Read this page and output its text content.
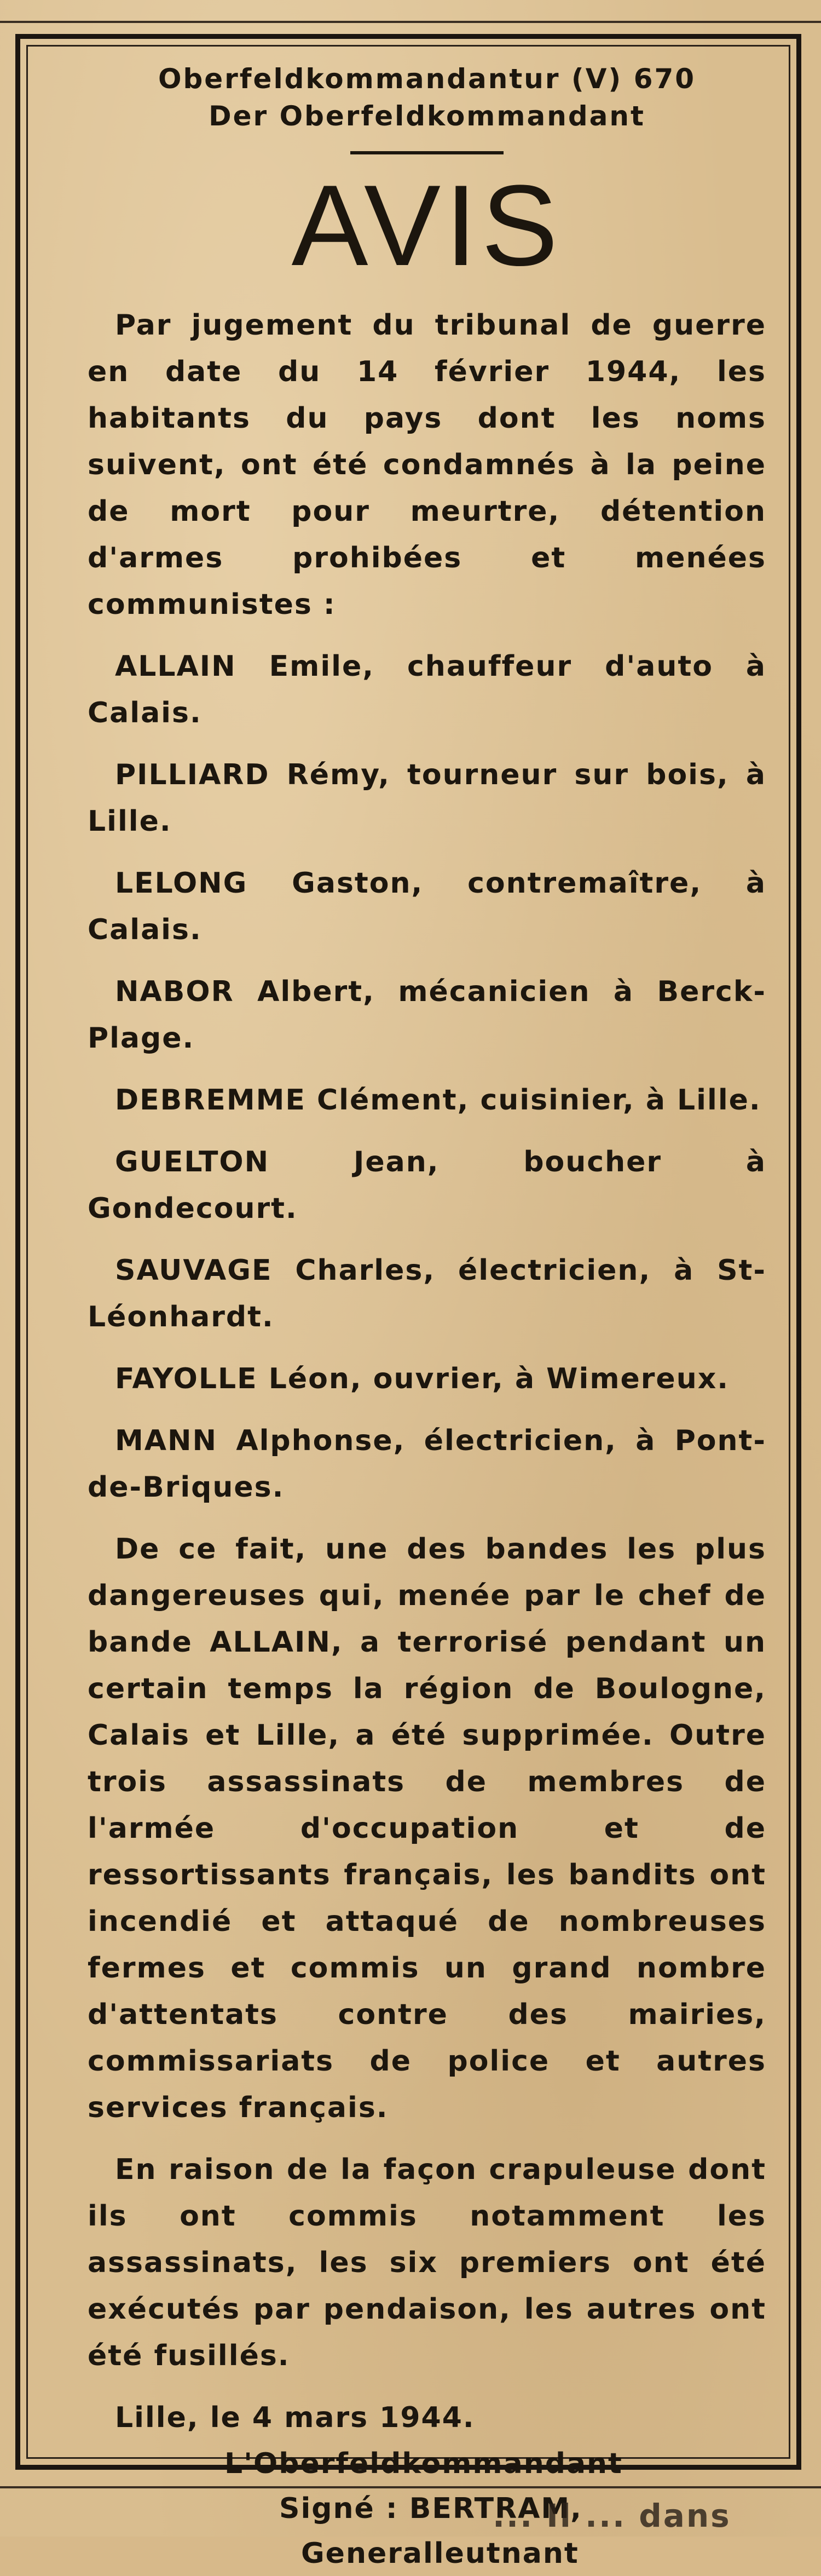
Oberfeldkommandantur (V) 670
Der Oberfeldkommandant
AVIS

Par jugement du tribunal de guerre en date du 14 février 1944, les habitants du pays dont les noms suivent, ont été condamnés à la peine de mort pour meurtre, détention d'armes prohibées et menées communistes :

ALLAIN Emile, chauffeur d'auto à Calais.

PILLIARD Rémy, tourneur sur bois, à Lille.

LELONG Gaston, contremaître, à Calais.

NABOR Albert, mécanicien à Berck-Plage.

DEBREMME Clément, cuisinier, à Lille.

GUELTON Jean, boucher à Gondecourt.

SAUVAGE Charles, électricien, à St-Léonhardt.

FAYOLLE Léon, ouvrier, à Wimereux.

MANN Alphonse, électricien, à Pont-de-Briques.

De ce fait, une des bandes les plus dangereuses qui, menée par le chef de bande ALLAIN, a terrorisé pendant un certain temps la région de Boulogne, Calais et Lille, a été supprimée. Outre trois assassinats de membres de l'armée d'occupation et de ressortissants français, les bandits ont incendié et attaqué de nombreuses fermes et commis un grand nombre d'attentats contre des mairies, commissariats de police et autres services français.

En raison de la façon crapuleuse dont ils ont commis notamment les assassinats, les six premiers ont été exécutés par pendaison, les autres ont été fusillés.

Lille, le 4 mars 1944.
L'Oberfeldkommandant
Signé : BERTRAM,
Generalleutnant
... Il ... dans
